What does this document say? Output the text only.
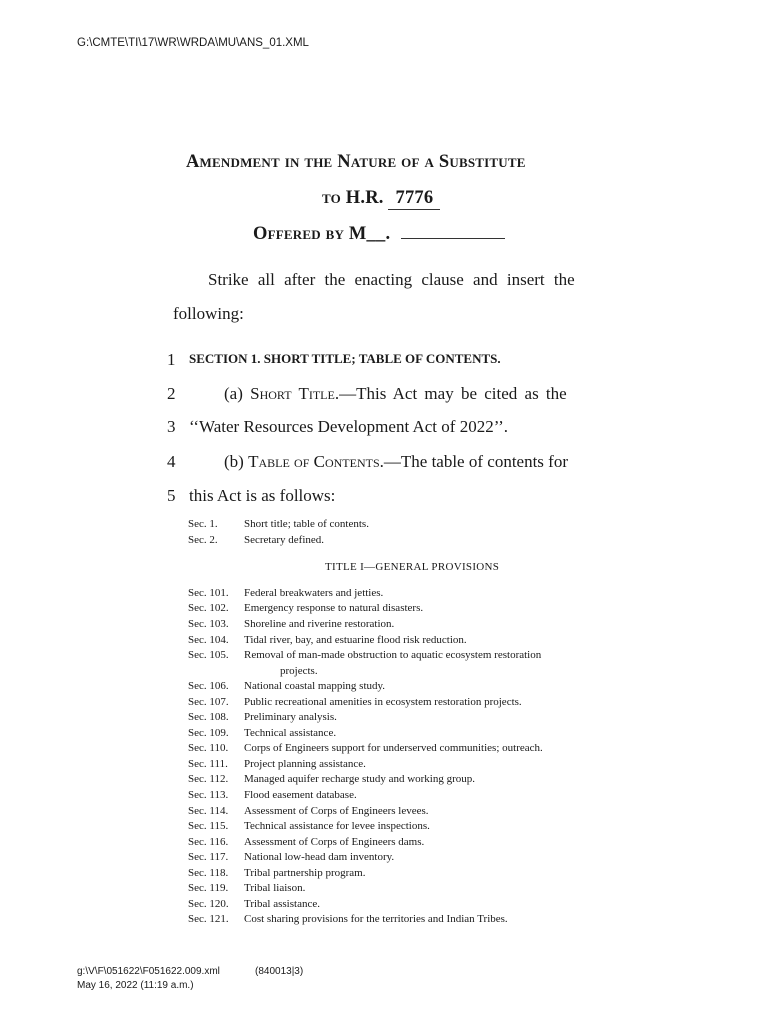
G:\CMTE\TI\17\WR\WRDA\MU\ANS_01.XML
Amendment in the Nature of a Substitute
to H.R. 7776
Offered by M__.
Strike all after the enacting clause and insert the
following:
1 SECTION 1. SHORT TITLE; TABLE OF CONTENTS.
2	(a) Short Title.—This Act may be cited as the
3 ‘‘Water Resources Development Act of 2022’’.
4	(b) Table of Contents.—The table of contents for
5 this Act is as follows:
Sec. 1. Short title; table of contents.
Sec. 2. Secretary defined.
TITLE I—GENERAL PROVISIONS
Sec. 101. Federal breakwaters and jetties.
Sec. 102. Emergency response to natural disasters.
Sec. 103. Shoreline and riverine restoration.
Sec. 104. Tidal river, bay, and estuarine flood risk reduction.
Sec. 105. Removal of man-made obstruction to aquatic ecosystem restoration
projects.
Sec. 106. National coastal mapping study.
Sec. 107. Public recreational amenities in ecosystem restoration projects.
Sec. 108. Preliminary analysis.
Sec. 109. Technical assistance.
Sec. 110. Corps of Engineers support for underserved communities; outreach.
Sec. 111. Project planning assistance.
Sec. 112. Managed aquifer recharge study and working group.
Sec. 113. Flood easement database.
Sec. 114. Assessment of Corps of Engineers levees.
Sec. 115. Technical assistance for levee inspections.
Sec. 116. Assessment of Corps of Engineers dams.
Sec. 117. National low-head dam inventory.
Sec. 118. Tribal partnership program.
Sec. 119. Tribal liaison.
Sec. 120. Tribal assistance.
Sec. 121. Cost sharing provisions for the territories and Indian Tribes.
g:\V\F\051622\F051622.009.xml	(840013|3)
May 16, 2022 (11:19 a.m.)
